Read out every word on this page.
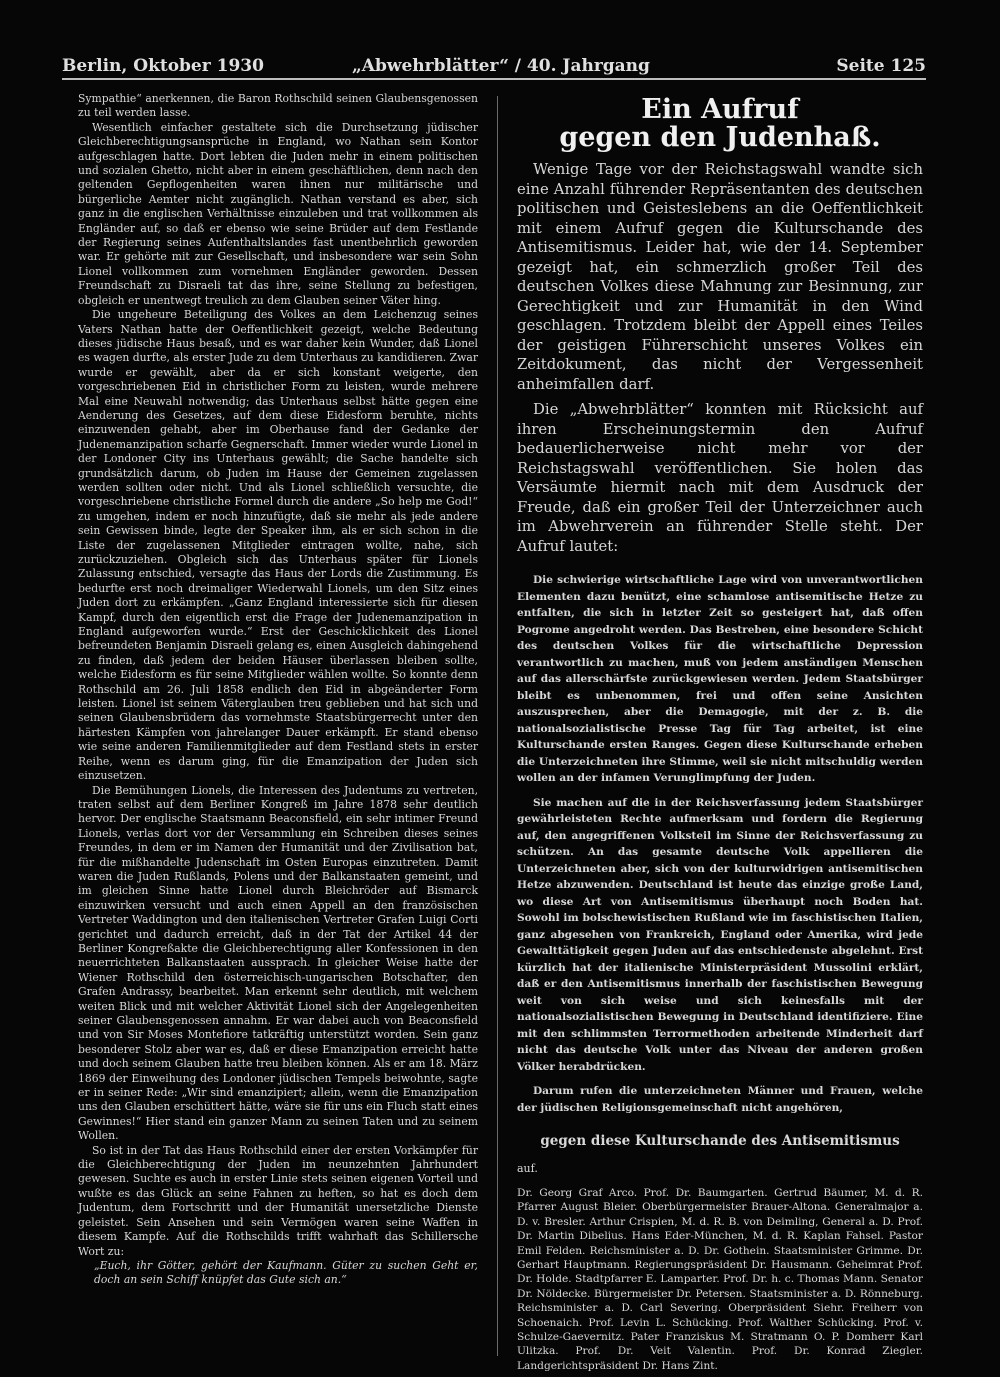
Berlin, Oktober 1930	„Abwehrblätter“ / 40. Jahrgang	Seite 125

Sympathie“ anerkennen, die Baron Rothschild seinen Glaubensgenossen zu teil werden lasse.

Wesentlich einfacher gestaltete sich die Durchsetzung jüdischer Gleichberechtigungsansprüche in England, wo Nathan sein Kontor aufgeschlagen hatte. Dort lebten die Juden mehr in einem politischen und sozialen Ghetto, nicht aber in einem geschäftlichen, denn nach den geltenden Gepflogenheiten waren ihnen nur militärische und bürgerliche Aemter nicht zugänglich. Nathan verstand es aber, sich ganz in die englischen Verhältnisse einzuleben und trat vollkommen als Engländer auf, so daß er ebenso wie seine Brüder auf dem Festlande der Regierung seines Aufenthaltslandes fast unentbehrlich geworden war. Er gehörte mit zur Gesellschaft, und insbesondere war sein Sohn Lionel vollkommen zum vornehmen Engländer geworden. Dessen Freundschaft zu Disraeli tat das ihre, seine Stellung zu befestigen, obgleich er unentwegt treulich zu dem Glauben seiner Väter hing.

Die ungeheure Beteiligung des Volkes an dem Leichenzug seines Vaters Nathan hatte der Oeffentlichkeit gezeigt, welche Bedeutung dieses jüdische Haus besaß, und es war daher kein Wunder, daß Lionel es wagen durfte, als erster Jude zu dem Unterhaus zu kandidieren. Zwar wurde er gewählt, aber da er sich konstant weigerte, den vorgeschriebenen Eid in christlicher Form zu leisten, wurde mehrere Mal eine Neuwahl notwendig; das Unterhaus selbst hätte gegen eine Aenderung des Gesetzes, auf dem diese Eidesform beruhte, nichts einzuwenden gehabt, aber im Oberhause fand der Gedanke der Judenemanzipation scharfe Gegnerschaft. Immer wieder wurde Lionel in der Londoner City ins Unterhaus gewählt; die Sache handelte sich grundsätzlich darum, ob Juden im Hause der Gemeinen zugelassen werden sollten oder nicht. Und als Lionel schließlich versuchte, die vorgeschriebene christliche Formel durch die andere „So help me God!“ zu umgehen, indem er noch hinzufügte, daß sie mehr als jede andere sein Gewissen binde, legte der Speaker ihm, als er sich schon in die Liste der zugelassenen Mitglieder eintragen wollte, nahe, sich zurückzuziehen. Obgleich sich das Unterhaus später für Lionels Zulassung entschied, versagte das Haus der Lords die Zustimmung. Es bedurfte erst noch dreimaliger Wiederwahl Lionels, um den Sitz eines Juden dort zu erkämpfen. „Ganz England interessierte sich für diesen Kampf, durch den eigentlich erst die Frage der Judenemanzipation in England aufgeworfen wurde.“ Erst der Geschicklichkeit des Lionel befreundeten Benjamin Disraeli gelang es, einen Ausgleich dahingehend zu finden, daß jedem der beiden Häuser überlassen bleiben sollte, welche Eidesform es für seine Mitglieder wählen wollte. So konnte denn Rothschild am 26. Juli 1858 endlich den Eid in abgeänderter Form leisten. Lionel ist seinem Väterglauben treu geblieben und hat sich und seinen Glaubensbrüdern das vornehmste Staatsbürgerrecht unter den härtesten Kämpfen von jahrelanger Dauer erkämpft. Er stand ebenso wie seine anderen Familienmitglieder auf dem Festland stets in erster Reihe, wenn es darum ging, für die Emanzipation der Juden sich einzusetzen.

Die Bemühungen Lionels, die Interessen des Judentums zu vertreten, traten selbst auf dem Berliner Kongreß im Jahre 1878 sehr deutlich hervor. Der englische Staatsmann Beaconsfield, ein sehr intimer Freund Lionels, verlas dort vor der Versammlung ein Schreiben dieses seines Freundes, in dem er im Namen der Humanität und der Zivilisation bat, für die mißhandelte Judenschaft im Osten Europas einzutreten. Damit waren die Juden Rußlands, Polens und der Balkanstaaten gemeint, und im gleichen Sinne hatte Lionel durch Bleichröder auf Bismarck einzuwirken versucht und auch einen Appell an den französischen Vertreter Waddington und den italienischen Vertreter Grafen Luigi Corti gerichtet und dadurch erreicht, daß in der Tat der Artikel 44 der Berliner Kongreßakte die Gleichberechtigung aller Konfessionen in den neuerrichteten Balkanstaaten aussprach. In gleicher Weise hatte der Wiener Rothschild den österreichisch-ungarischen Botschafter, den Grafen Andrassy, bearbeitet. Man erkennt sehr deutlich, mit welchem weiten Blick und mit welcher Aktivität Lionel sich der Angelegenheiten seiner Glaubensgenossen annahm. Er war dabei auch von Beaconsfield und von Sir Moses Montefiore tatkräftig unterstützt worden. Sein ganz besonderer Stolz aber war es, daß er diese Emanzipation erreicht hatte und doch seinem Glauben hatte treu bleiben können. Als er am 18. März 1869 der Einweihung des Londoner jüdischen Tempels beiwohnte, sagte er in seiner Rede: „Wir sind emanzipiert; allein, wenn die Emanzipation uns den Glauben erschüttert hätte, wäre sie für uns ein Fluch statt eines Gewinnes!“ Hier stand ein ganzer Mann zu seinen Taten und zu seinem Wollen.

So ist in der Tat das Haus Rothschild einer der ersten Vorkämpfer für die Gleichberechtigung der Juden im neunzehnten Jahrhundert gewesen. Suchte es auch in erster Linie stets seinen eigenen Vorteil und wußte es das Glück an seine Fahnen zu heften, so hat es doch dem Judentum, dem Fortschritt und der Humanität unersetzliche Dienste geleistet. Sein Ansehen und sein Vermögen waren seine Waffen in diesem Kampfe. Auf die Rothschilds trifft wahrhaft das Schillersche Wort zu:

„Euch, ihr Götter, gehört der Kaufmann. Güter zu suchen Geht er, doch an sein Schiff knüpfet das Gute sich an.“

Ein Aufruf
gegen den Judenhaß.

Wenige Tage vor der Reichstagswahl wandte sich eine Anzahl führender Repräsentanten des deutschen politischen und Geisteslebens an die Oeffentlichkeit mit einem Aufruf gegen die Kulturschande des Antisemitismus. Leider hat, wie der 14. September gezeigt hat, ein schmerzlich großer Teil des deutschen Volkes diese Mahnung zur Besinnung, zur Gerechtigkeit und zur Humanität in den Wind geschlagen. Trotzdem bleibt der Appell eines Teiles der geistigen Führerschicht unseres Volkes ein Zeitdokument, das nicht der Vergessenheit anheimfallen darf.

Die „Abwehrblätter“ konnten mit Rücksicht auf ihren Erscheinungstermin den Aufruf bedauerlicherweise nicht mehr vor der Reichstagswahl veröffentlichen. Sie holen das Versäumte hiermit nach mit dem Ausdruck der Freude, daß ein großer Teil der Unterzeichner auch im Abwehrverein an führender Stelle steht. Der Aufruf lautet:

Die schwierige wirtschaftliche Lage wird von unverantwortlichen Elementen dazu benützt, eine schamlose antisemitische Hetze zu entfalten, die sich in letzter Zeit so gesteigert hat, daß offen Pogrome angedroht werden. Das Bestreben, eine besondere Schicht des deutschen Volkes für die wirtschaftliche Depression verantwortlich zu machen, muß von jedem anständigen Menschen auf das allerschärfste zurückgewiesen werden. Jedem Staatsbürger bleibt es unbenommen, frei und offen seine Ansichten auszusprechen, aber die Demagogie, mit der z. B. die nationalsozialistische Presse Tag für Tag arbeitet, ist eine Kulturschande ersten Ranges. Gegen diese Kulturschande erheben die Unterzeichneten ihre Stimme, weil sie nicht mitschuldig werden wollen an der infamen Verunglimpfung der Juden.

Sie machen auf die in der Reichsverfassung jedem Staatsbürger gewährleisteten Rechte aufmerksam und fordern die Regierung auf, den angegriffenen Volksteil im Sinne der Reichsverfassung zu schützen. An das gesamte deutsche Volk appellieren die Unterzeichneten aber, sich von der kulturwidrigen antisemitischen Hetze abzuwenden. Deutschland ist heute das einzige große Land, wo diese Art von Antisemitismus überhaupt noch Boden hat. Sowohl im bolschewistischen Rußland wie im faschistischen Italien, ganz abgesehen von Frankreich, England oder Amerika, wird jede Gewalttätigkeit gegen Juden auf das entschiedenste abgelehnt. Erst kürzlich hat der italienische Ministerpräsident Mussolini erklärt, daß er den Antisemitismus innerhalb der faschistischen Bewegung weit von sich weise und sich keinesfalls mit der nationalsozialistischen Bewegung in Deutschland identifiziere. Eine mit den schlimmsten Terrormethoden arbeitende Minderheit darf nicht das deutsche Volk unter das Niveau der anderen großen Völker herabdrücken.

Darum rufen die unterzeichneten Männer und Frauen, welche der jüdischen Religionsgemeinschaft nicht angehören,

gegen diese Kulturschande des Antisemitismus
auf.
Dr. Georg Graf Arco. Prof. Dr. Baumgarten. Gertrud Bäumer, M. d. R. Pfarrer August Bleier. Oberbürgermeister Brauer-Altona. Generalmajor a. D. v. Bresler. Arthur Crispien, M. d. R. B. von Deimling, General a. D. Prof. Dr. Martin Dibelius. Hans Eder-München, M. d. R. Kaplan Fahsel. Pastor Emil Felden. Reichsminister a. D. Dr. Gothein. Staatsminister Grimme. Dr. Gerhart Hauptmann. Regierungspräsident Dr. Hausmann. Geheimrat Prof. Dr. Holde. Stadtpfarrer E. Lamparter. Prof. Dr. h. c. Thomas Mann. Senator Dr. Nöldecke. Bürgermeister Dr. Petersen. Staatsminister a. D. Rönneburg. Reichsminister a. D. Carl Severing. Oberpräsident Siehr. Freiherr von Schoenaich. Prof. Levin L. Schücking. Prof. Walther Schücking. Prof. v. Schulze-Gaevernitz. Pater Franziskus M. Stratmann O. P. Domherr Karl Ulitzka. Prof. Dr. Veit Valentin. Prof. Dr. Konrad Ziegler. Landgerichtspräsident Dr. Hans Zint.
